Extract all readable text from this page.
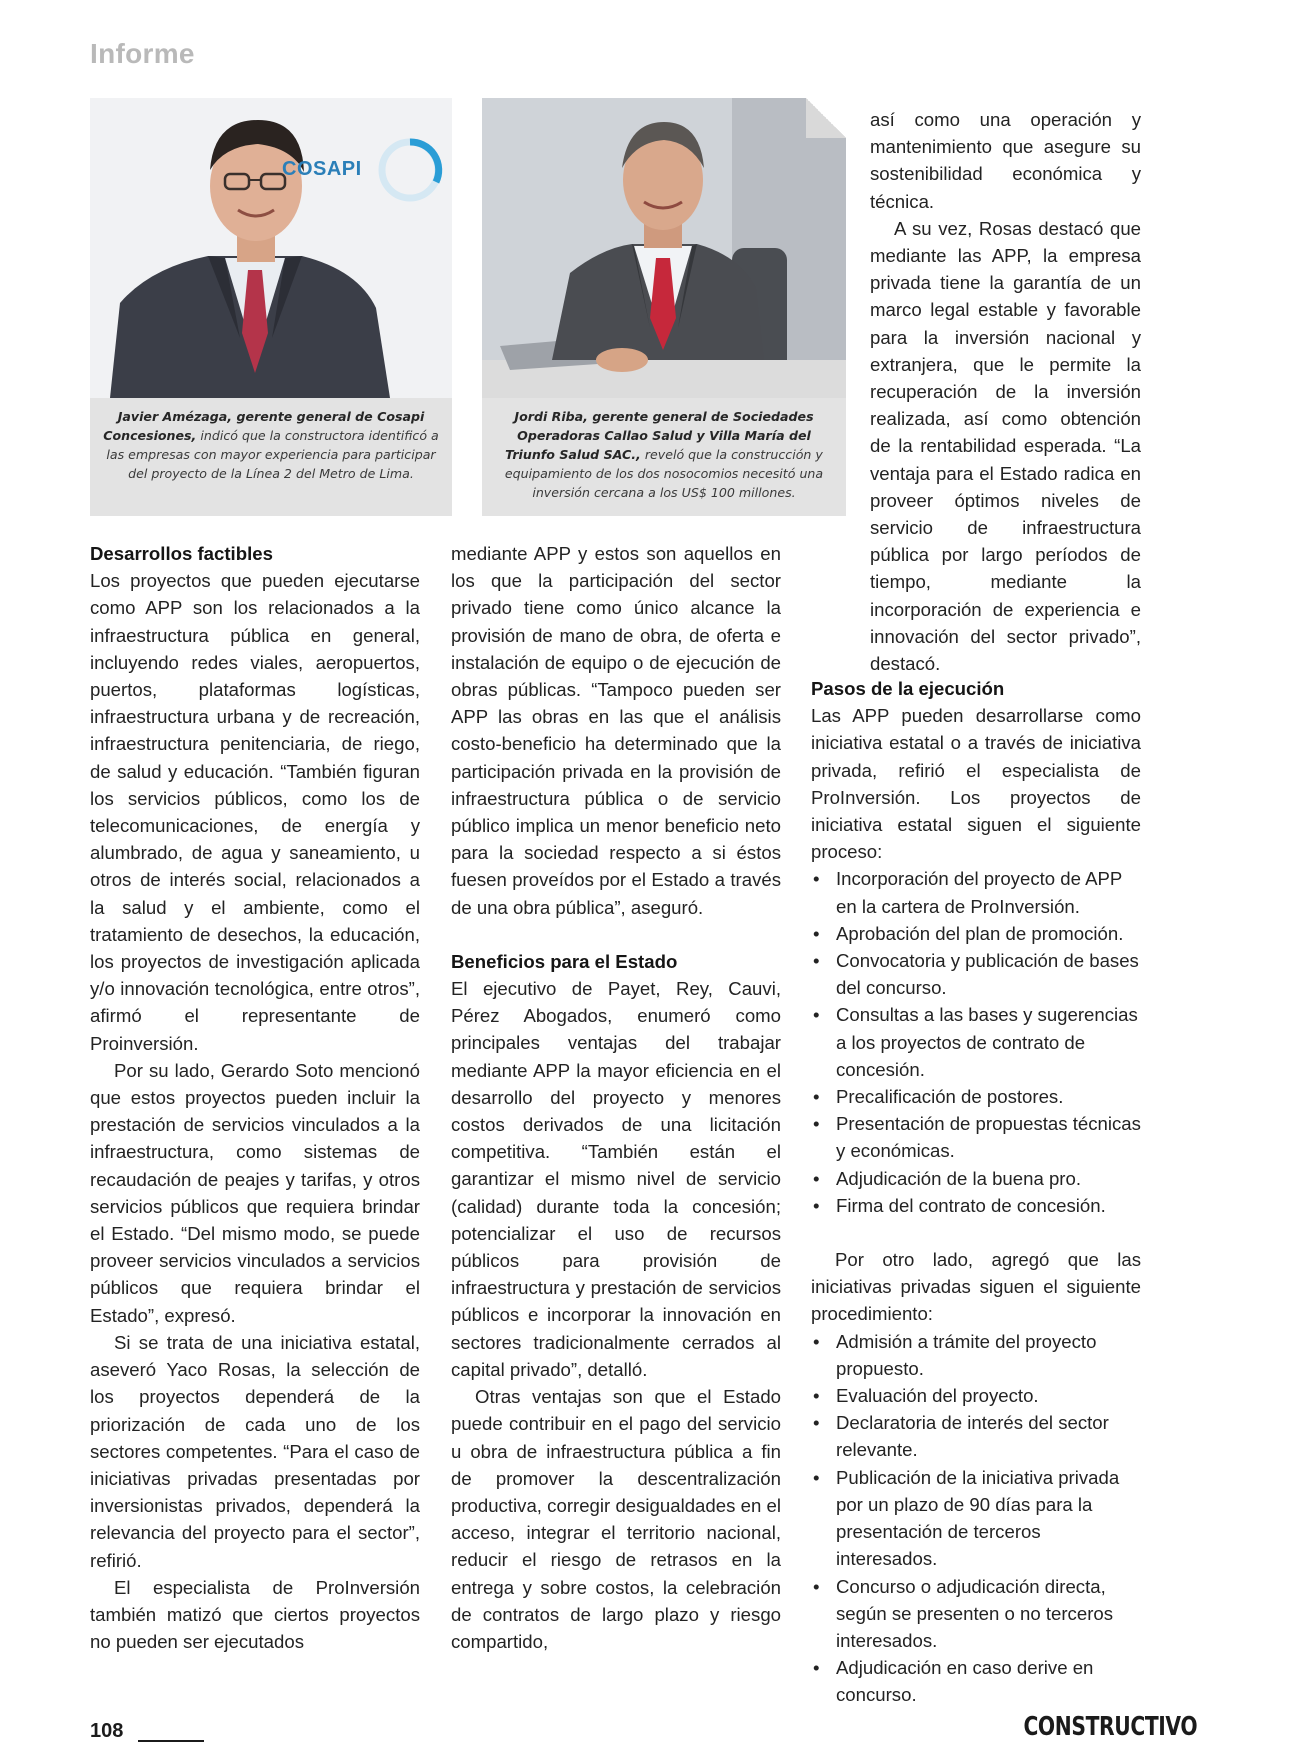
Informe
COSAPI
Javier Amézaga, gerente general de Cosapi Concesiones, indicó que la constructora identificó a las empresas con mayor experiencia para participar del proyecto de la Línea 2 del Metro de Lima.
Jordi Riba, gerente general de Sociedades Operadoras Callao Salud y Villa María del Triunfo Salud SAC., reveló que la construcción y equipamiento de los dos nosocomios necesitó una inversión cercana a los US$ 100 millones.
Desarrollos factibles

Los proyectos que pueden ejecutarse como APP son los relacionados a la infraestructura pública en general, incluyendo redes viales, aeropuertos, puertos, plataformas logísticas, infraestructura urbana y de recreación, infraestructura penitenciaria, de riego, de salud y educación. “También figuran los servicios públicos, como los de telecomunicaciones, de energía y alumbrado, de agua y saneamiento, u otros de interés social, relacionados a la salud y el ambiente, como el tratamiento de desechos, la educación, los proyectos de investigación aplicada y/o innovación tecnológica, entre otros”, afirmó el representante de Proinversión.

Por su lado, Gerardo Soto mencionó que estos proyectos pueden incluir la prestación de servicios vinculados a la infraestructura, como sistemas de recaudación de peajes y tarifas, y otros servicios públicos que requiera brindar el Estado. “Del mismo modo, se puede proveer servicios vinculados a servicios públicos que requiera brindar el Estado”, expresó.

Si se trata de una iniciativa estatal, aseveró Yaco Rosas, la selección de los proyectos dependerá de la priorización de cada uno de los sectores competentes. “Para el caso de iniciativas privadas presentadas por inversionistas privados, dependerá la relevancia del proyecto para el sector”, refirió.

El especialista de ProInversión también matizó que ciertos proyectos no pueden ser ejecutados

mediante APP y estos son aquellos en los que la participación del sector privado tiene como único alcance la provisión de mano de obra, de oferta e instalación de equipo o de ejecución de obras públicas. “Tampoco pueden ser APP las obras en las que el análisis costo-beneficio ha determinado que la participación privada en la provisión de infraestructura pública o de servicio público implica un menor beneficio neto para la sociedad respecto a si éstos fuesen proveídos por el Estado a través de una obra pública”, aseguró.

Beneficios para el Estado

El ejecutivo de Payet, Rey, Cauvi, Pérez Abogados, enumeró como principales ventajas del trabajar mediante APP la mayor eficiencia en el desarrollo del proyecto y menores costos derivados de una licitación competitiva. “También están el garantizar el mismo nivel de servicio (calidad) durante toda la concesión; potencializar el uso de recursos públicos para provisión de infraestructura y prestación de servicios públicos e incorporar la innovación en sectores tradicionalmente cerrados al capital privado”, detalló.

Otras ventajas son que el Estado puede contribuir en el pago del servicio u obra de infraestructura pública a fin de promover la descentralización productiva, corregir desigualdades en el acceso, integrar el territorio nacional, reducir el riesgo de retrasos en la entrega y sobre costos, la celebración de contratos de largo plazo y riesgo compartido,

así como una operación y mantenimiento que asegure su sostenibilidad económica y técnica.

A su vez, Rosas destacó que mediante las APP, la empresa privada tiene la garantía de un marco legal estable y favorable para la inversión nacional y extranjera, que le permite la recuperación de la inversión realizada, así como obtención de la rentabilidad esperada. “La ventaja para el Estado radica en proveer óptimos niveles de servicio de infraestructura pública por largo períodos de tiempo, mediante la incorporación de experiencia e innovación del sector privado”, destacó.

Pasos de la ejecución

Las APP pueden desarrollarse como iniciativa estatal o a través de iniciativa privada, refirió el especialista de ProInversión. Los proyectos de iniciativa estatal siguen el siguiente proceso:

• Incorporación del proyecto de APP en la cartera de ProInversión.
• Aprobación del plan de promoción.
• Convocatoria y publicación de bases del concurso.
• Consultas a las bases y sugerencias a los proyectos de contrato de concesión.
• Precalificación de postores.
• Presentación de propuestas técnicas y económicas.
• Adjudicación de la buena pro.
• Firma del contrato de concesión.

Por otro lado, agregó que las iniciativas privadas siguen el siguiente procedimiento:

• Admisión a trámite del proyecto propuesto.
• Evaluación del proyecto.
• Declaratoria de interés del sector relevante.
• Publicación de la iniciativa privada por un plazo de 90 días para la presentación de terceros interesados.
• Concurso o adjudicación directa, según se presenten o no terceros interesados.
• Adjudicación en caso derive en concurso.
108	CONSTRUCTIVO
